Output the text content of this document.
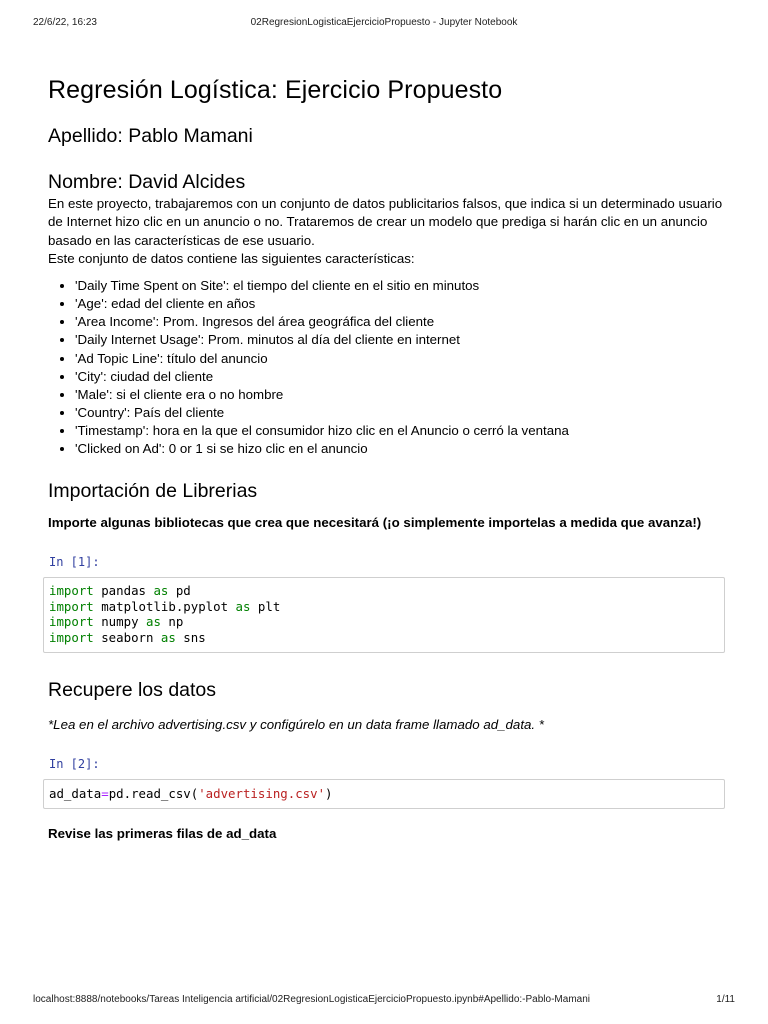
22/6/22, 16:23	02RegresionLogisticaEjercicioPropuesto - Jupyter Notebook
Regresión Logística: Ejercicio Propuesto
Apellido: Pablo Mamani
Nombre: David Alcides

En este proyecto, trabajaremos con un conjunto de datos publicitarios falsos, que indica si un determinado usuario de Internet hizo clic en un anuncio o no. Trataremos de crear un modelo que prediga si harán clic en un anuncio basado en las características de ese usuario.

Este conjunto de datos contiene las siguientes características:

• 'Daily Time Spent on Site': el tiempo del cliente en el sitio en minutos
• 'Age': edad del cliente en años
• 'Area Income': Prom. Ingresos del área geográfica del cliente
• 'Daily Internet Usage': Prom. minutos al día del cliente en internet
• 'Ad Topic Line': título del anuncio
• 'City': ciudad del cliente
• 'Male': si el cliente era o no hombre
• 'Country': País del cliente
• 'Timestamp': hora en la que el consumidor hizo clic en el Anuncio o cerró la ventana
• 'Clicked on Ad': 0 or 1 si se hizo clic en el anuncio
Importación de Librerias

Importe algunas bibliotecas que crea que necesitará (¡o simplemente importelas a medida que avanza!)

In [1]:
import pandas as pd
import matplotlib.pyplot as plt
import numpy as np
import seaborn as sns
Recupere los datos

*Lea en el archivo advertising.csv y configúrelo en un data frame llamado ad_data. *

In [2]:
ad_data=pd.read_csv('advertising.csv')

Revise las primeras filas de ad_data

localhost:8888/notebooks/Tareas Inteligencia artificial/02RegresionLogisticaEjercicioPropuesto.ipynb#Apellido:-Pablo-Mamani	1/11
